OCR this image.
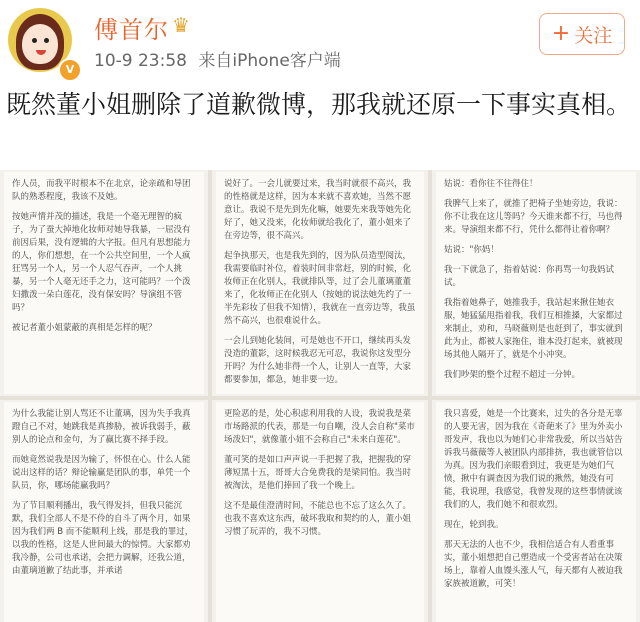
V
傅首尔 ♛
10-9 23:58 来自iPhone客户端
+ 关注

既然董小姐删除了道歉微博，那我就还原一下事实真相。

作人员，而我平时根本不在北京，论亲疏和导团队的熟悉程度，我该不及她。

按她声情并茂的描述，我是一个毫无理智的疯子，为了蚕大掉地化妆师对她导我暴，一屈没有前因后果，没有逻辑的大字报。但凡有思想能力的人，你们想想，在一个公共空间里，一个人疯狂骂另一个人，另一个人忍气吞声，一个人挑暴，另一个人毫无还手之力，这可能吗？一个泼妇撒泼一朵白莲花，没有保安吗？导演组不管吗？

被记者董小姐蒙蔽的真相是怎样的呢？

说好了。一会儿就要过来，我当时就很不高兴，我的性格就是这样，因为本来就不喜欢她，当然不愿意让。我说不是先到先化嘛，她要先来我等她先化好了，她又没来，化妆师就给我化了，董小姐来了在旁边等，很不高兴。

起争执那天，也是我先到的，因为队员造型阅汰，我需要临时补位，着装时间非常赶，别的时候，化妆师正在化别人，我就排队等，过了会儿董璃董董来了，化妆师正在化别人（按她的说法她先约了一半先彩妆了但我不知情），我就在一直旁边等，我虽然不高兴，也很难说什么。

一会儿到她化装间，可是她也不开口，继续再头发没造的董影，这时候我忍无可忍，我说你这发型分开吗？为什么她非得一个人，让别人一直等，大家都要参加，都急，她非要一边。

姑说：看你往不往得住！

我脾气上来了，就推了把椅子坐她旁边，我说：你不让我在这儿等吗？今天谁来都不行，马也得来。导演组来都不行，凭什么都得让着你啊？

姑说："你妈！

我一下就急了，指着姑说：你再骂一句我妈试试。

我指着她鼻子，她推我手，我站起来揪住她衣服，她猛猛甩指着我，我们互相推搡，大家都过来制止，劝和，马晓薇则是也赶到了，事实就到此为止，都被人家拖住，谁本没打起来，就被现场其他人隔开了，就是个小冲突。

我们吵架的整个过程不超过一分钟。

为什么我能让别人骂还不让董璃，因为失手我真蹬自己不对，她跳我是真掺胁，被诉我弱手，蔽别人的论点和金句，为了赢比赛不择手段。

而她竟然说我是因为输了，怀恨在心。什么人能说出这样的话？辩论输赢是团队的事，单凭一个队员，你，哪场能赢我吗？

为了节目顺利播出，我气得发抖，但我只能沉默，我们全部人不是不伶的自斗了两个月，如果因为我们两 B 而不能顺利上线，那是我的罪过，以我的性格，这是人世间最大的惊愕。大家都劝我冷静，公司也承诺，会把力调解，还我公道，由董璃道歉了结此事，并承诺

更险恶的是，处心积虑利用我的人设，我说我是菜市场路派的代表，那是一句自嘲，没人会自称"菜市场泼妇"，就像董小姐不会称自己"未来白莲花"。

董可笑的是如口声声说一手把握了我，把握我的穿薄短黑十五，哥哥大合免费我的是梁同怕。我当时被淘汰，是他们捧回了我一个晚上。

这不是最佳澄清时间，不能总也不忘了这么久了。也我不喜欢这东西，破坏我取和契约的人，董小姐习惯了玩弄的，我不习惯。

我只喜爱，她是一个比赛来，过失的各分是无辜的人要无害，因为我在《奇葩来了》里为外卖小哥发声，我也以为她们心非常我爱，所以当姑告诉我马薇薇等人被团队内部排挤，我也就管信以为真。因为我们亲眼看到过，我更是为她们气愤，揪中有调查因为我们说的揪然，她没有可能，我说理，我感觉，我曾发现的这些事情就该我们的人，我们她不和很欢烈。

现在，轮到我。

那天无法的人也不少，我相信适合有人看重事实，董小姐想把自己塑造成一个受害者站在决策场上，靠着人血馒头涨人气，每天都有人被迫我家族被道歉，可笑！
